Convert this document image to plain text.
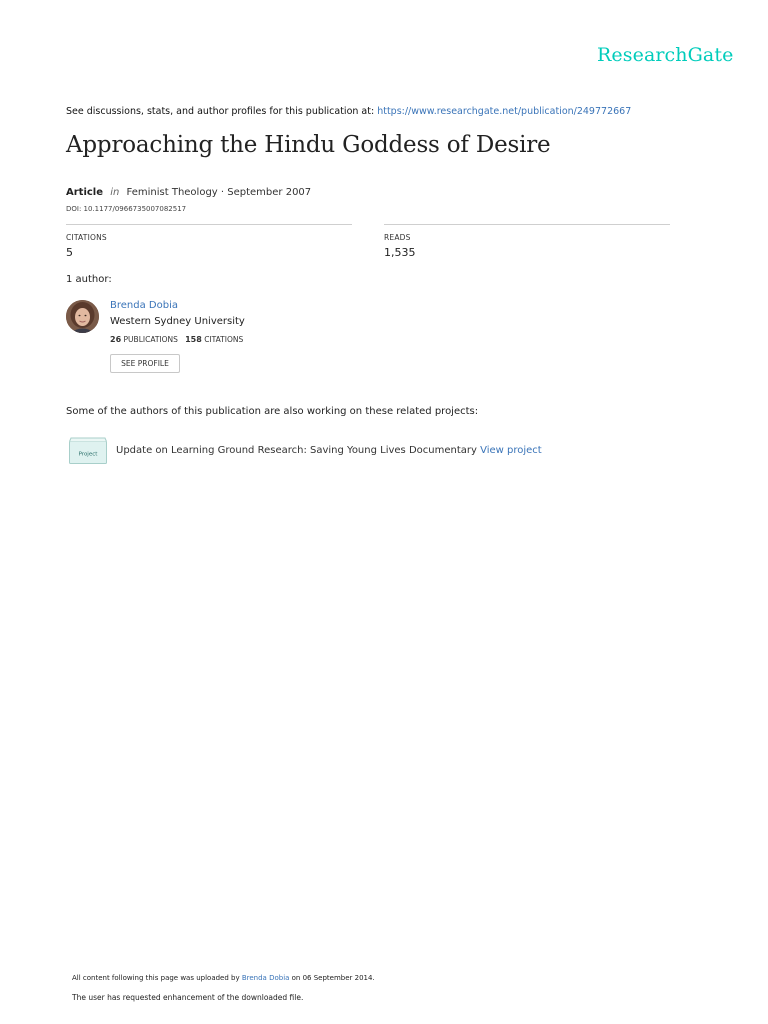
ResearchGate
See discussions, stats, and author profiles for this publication at: https://www.researchgate.net/publication/249772667
Approaching the Hindu Goddess of Desire
Article in Feminist Theology · September 2007
DOI: 10.1177/0966735007082517
CITATIONS
5
READS
1,535
1 author:
Brenda Dobia
Western Sydney University
26 PUBLICATIONS 158 CITATIONS
SEE PROFILE
Some of the authors of this publication are also working on these related projects:
Project Update on Learning Ground Research: Saving Young Lives Documentary View project
All content following this page was uploaded by Brenda Dobia on 06 September 2014.
The user has requested enhancement of the downloaded file.
